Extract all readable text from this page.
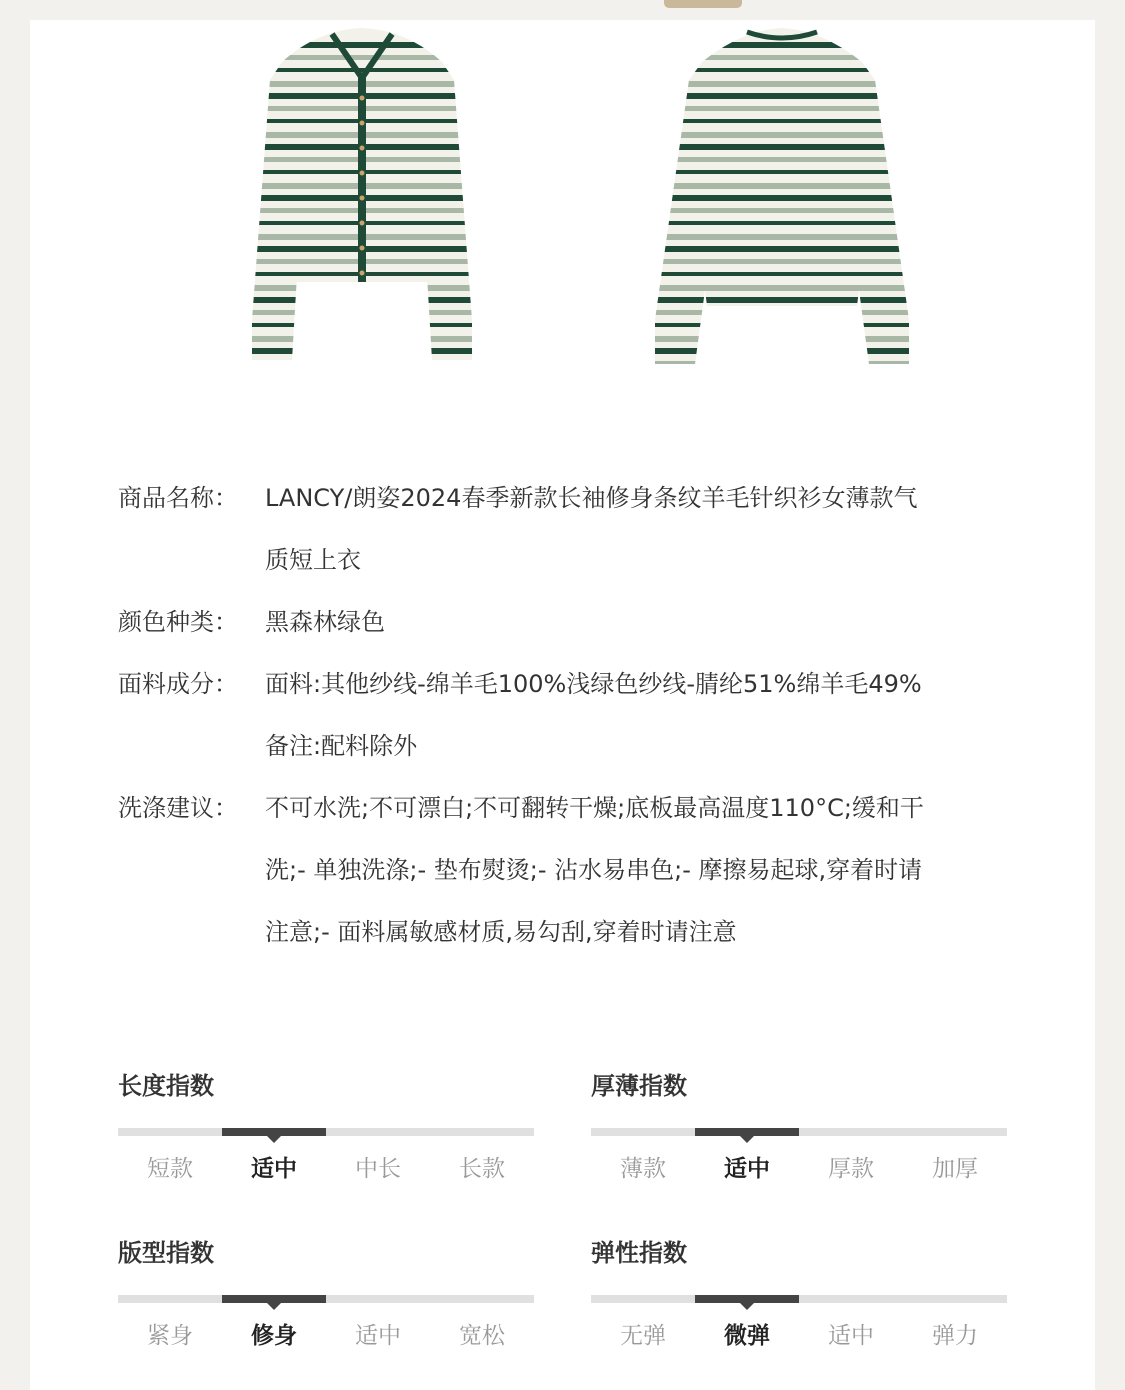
商品名称：	LANCY/朗姿2024春季新款长袖修身条纹羊毛针织衫女薄款气
质短上衣
颜色种类：	黑森林绿色
面料成分：	面料:其他纱线-绵羊毛100%浅绿色纱线-腈纶51%绵羊毛49%
备注:配料除外
洗涤建议：	不可水洗;不可漂白;不可翻转干燥;底板最高温度110°C;缓和干
洗;- 单独洗涤;- 垫布熨烫;- 沾水易串色;- 摩擦易起球,穿着时请
注意;- 面料属敏感材质,易勾刮,穿着时请注意
长度指数
短款	适中	中长	长款
厚薄指数
薄款	适中	厚款	加厚
版型指数
紧身	修身	适中	宽松
弹性指数
无弹	微弹	适中	弹力
